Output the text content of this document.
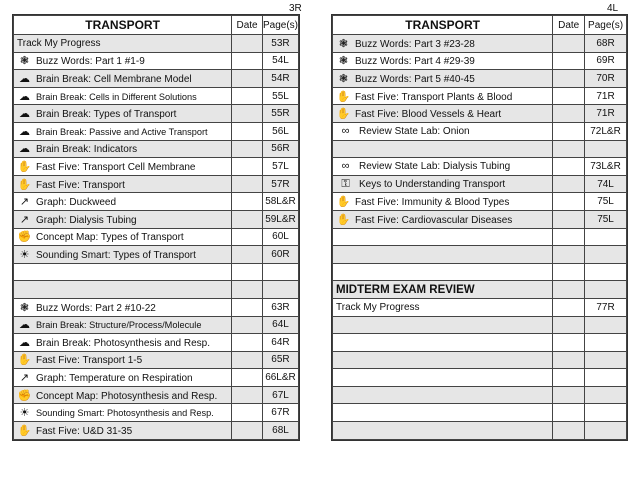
3R	4L
TRANSPORT	Date	Page(s)
Track My Progress		53R
❃ Buzz Words: Part 1 #1-9		54L
☁ Brain Break: Cell Membrane Model		54R
☁ Brain Break: Cells in Different Solutions		55L
☁ Brain Break: Types of Transport		55R
☁ Brain Break: Passive and Active Transport		56L
☁ Brain Break: Indicators		56R
✋ Fast Five: Transport Cell Membrane		57L
✋ Fast Five: Transport		57R
↗ Graph: Duckweed		58L&R
↗ Graph: Dialysis Tubing		59L&R
✊ Concept Map: Types of Transport		60L
☀ Sounding Smart: Types of Transport		60R

❃ Buzz Words: Part 2 #10-22		63R
☁ Brain Break: Structure/Process/Molecule		64L
☁ Brain Break: Photosynthesis and Resp.		64R
✋ Fast Five: Transport 1-5		65R
↗ Graph: Temperature on Respiration		66L&R
✊ Concept Map: Photosynthesis and Resp.		67L
☀ Sounding Smart: Photosynthesis and Resp.		67R
✋ Fast Five: U&D 31-35		68L
TRANSPORT	Date	Page(s)
❃ Buzz Words: Part 3 #23-28		68R
❃ Buzz Words: Part 4 #29-39		69R
❃ Buzz Words: Part 5 #40-45		70R
✋ Fast Five: Transport Plants & Blood		71R
✋ Fast Five: Blood Vessels & Heart		71R
∞ Review State Lab: Onion		72L&R

∞ Review State Lab: Dialysis Tubing		73L&R
⚿ Keys to Understanding Transport		74L
✋ Fast Five: Immunity & Blood Types		75L
✋ Fast Five: Cardiovascular Diseases		75L

MIDTERM EXAM REVIEW		
Track My Progress		77R
